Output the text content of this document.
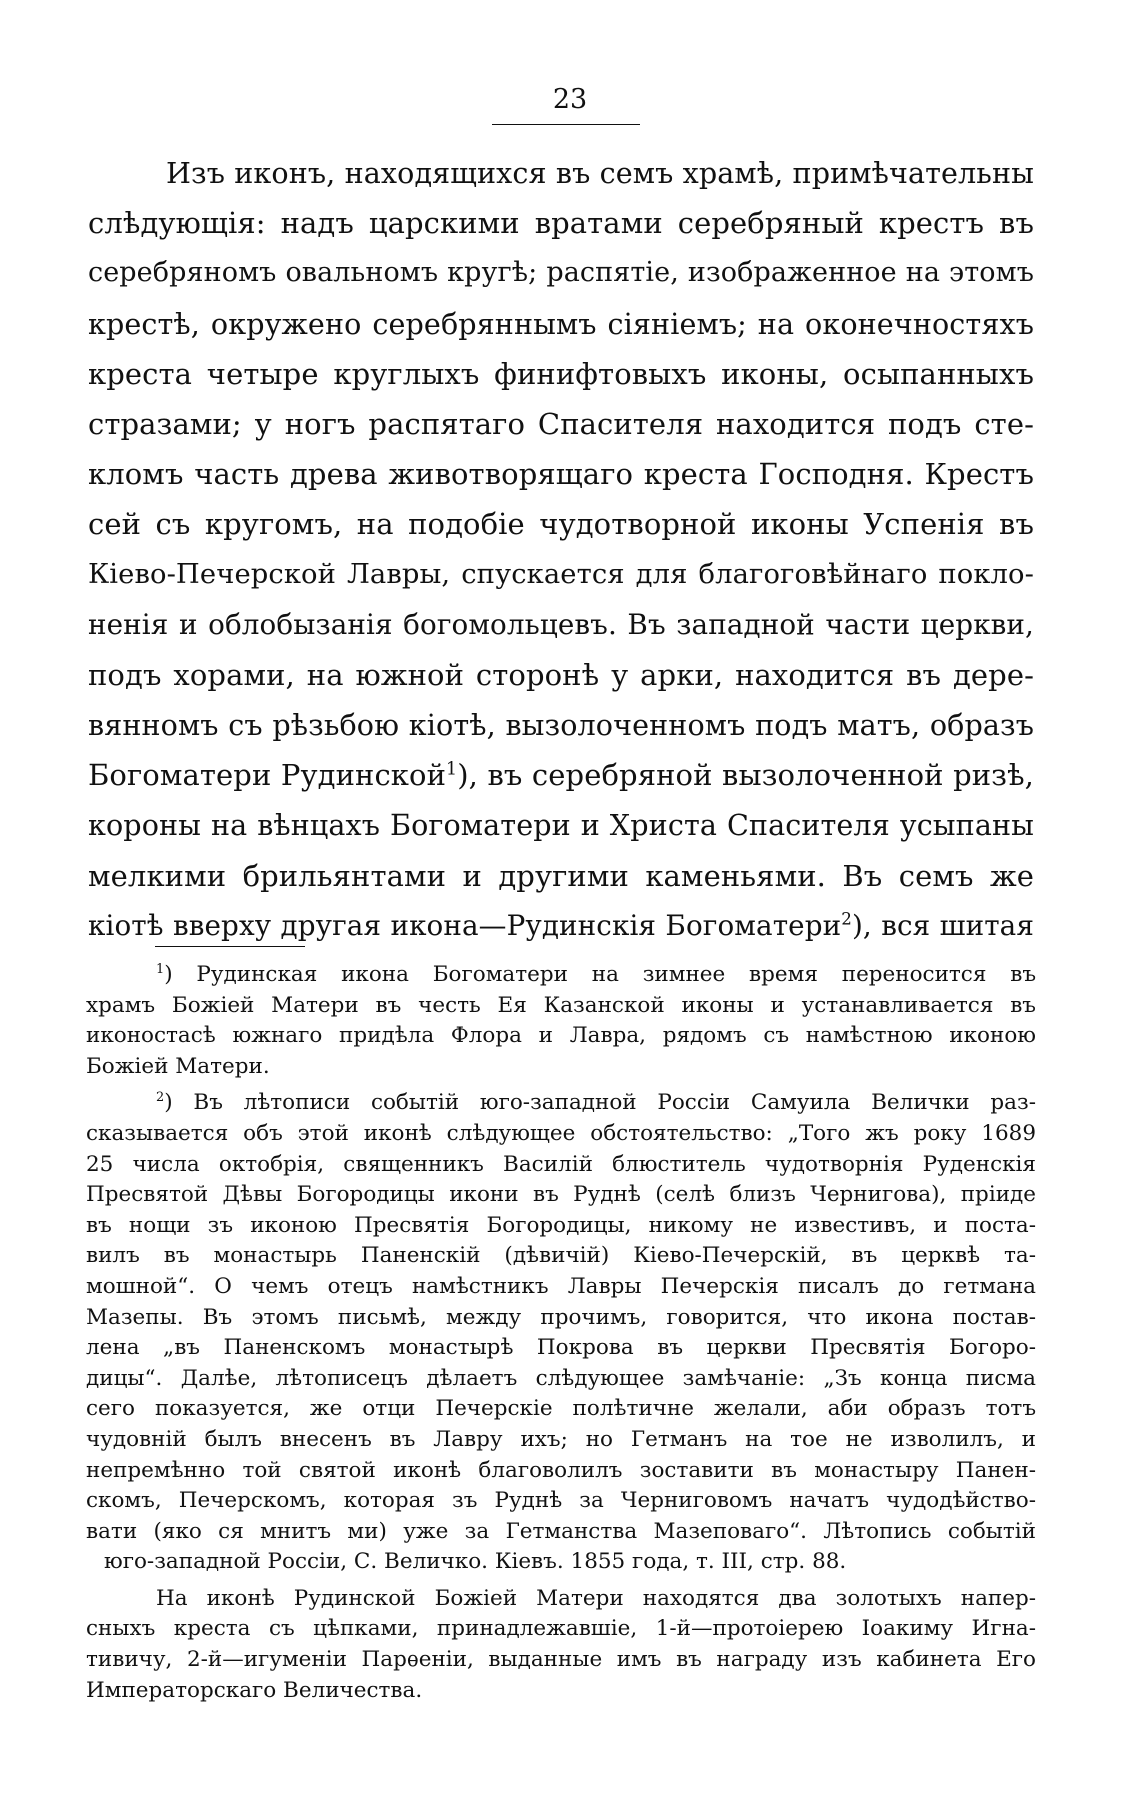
23
Изъ иконъ, находящихся въ семъ храмѣ, примѣчательны
слѣдующія: надъ царскими вратами серебряный крестъ въ
серебряномъ овальномъ кругѣ; распятіе, изображенное на этомъ
крестѣ, окружено серебряннымъ сіяніемъ; на оконечностяхъ
креста четыре круглыхъ финифтовыхъ иконы, осыпанныхъ
стразами; у ногъ распятаго Спасителя находится подъ сте-
кломъ часть древа животворящаго креста Господня. Крестъ
сей съ кругомъ, на подобіе чудотворной иконы Успенія въ
Кіево-Печерской Лавры, спускается для благоговѣйнаго покло-
ненія и облобызанія богомольцевъ. Въ западной части церкви,
подъ хорами, на южной сторонѣ у арки, находится въ дере-
вянномъ съ рѣзьбою кіотѣ, вызолоченномъ подъ матъ, образъ
Богоматери Рудинской$^1$), въ серебряной вызолоченной ризѣ,
короны на вѣнцахъ Богоматери и Христа Спасителя усыпаны
мелкими брильянтами и другими каменьями. Въ семъ же
кіотѣ вверху другая икона—Рудинскія Богоматери$^2$), вся шитая
$^1$) Рудинская икона Богоматери на зимнее время переносится въ
храмъ Божіей Матери въ честь Ея Казанской иконы и устанавливается въ
иконостасѣ южнаго придѣла Флора и Лавра, рядомъ съ намѣстною иконою
Божіей Матери.
$^2$) Въ лѣтописи событій юго-западной Россіи Самуила Велички раз-
сказывается объ этой иконѣ слѣдующее обстоятельство: „Того жъ року 1689
25 числа октобрія, священникъ Василій блюститель чудотворнія Руденскія
Пресвятой Дѣвы Богородицы икони въ Руднѣ (селѣ близъ Чернигова), пріиде
въ нощи зъ иконою Пресвятія Богородицы, никому не известивъ, и поста-
вилъ въ монастырь Паненскій (дѣвичій) Кіево-Печерскій, въ церквѣ та-
мошной“. О чемъ отецъ намѣстникъ Лавры Печерскія писалъ до гетмана
Мазепы. Въ этомъ письмѣ, между прочимъ, говорится, что икона постав-
лена „въ Паненскомъ монастырѣ Покрова въ церкви Пресвятія Богоро-
дицы“. Далѣе, лѣтописецъ дѣлаетъ слѣдующее замѣчаніе: „Зъ конца писма
сего показуется, же отци Печерскіе полѣтичне желали, аби образъ тотъ
чудовній былъ внесенъ въ Лавру ихъ; но Гетманъ на тое не изволилъ, и
непремѣнно той святой иконѣ благоволилъ зоставити въ монастыру Панен-
скомъ, Печерскомъ, которая зъ Руднѣ за Черниговомъ начатъ чудодѣйство-
вати (яко ся мнитъ ми) уже за Гетманства Мазеповаго“. Лѣтопись событій
юго-западной Россіи, С. Величко. Кіевъ. 1855 года, т. III, стр. 88.
На иконѣ Рудинской Божіей Матери находятся два золотыхъ напер-
сныхъ креста съ цѣпками, принадлежавшіе, 1-й—протоіерею Іоакиму Игна-
тивичу, 2-й—игуменіи Парѳеніи, выданные имъ въ награду изъ кабинета Его
Императорскаго Величества.
